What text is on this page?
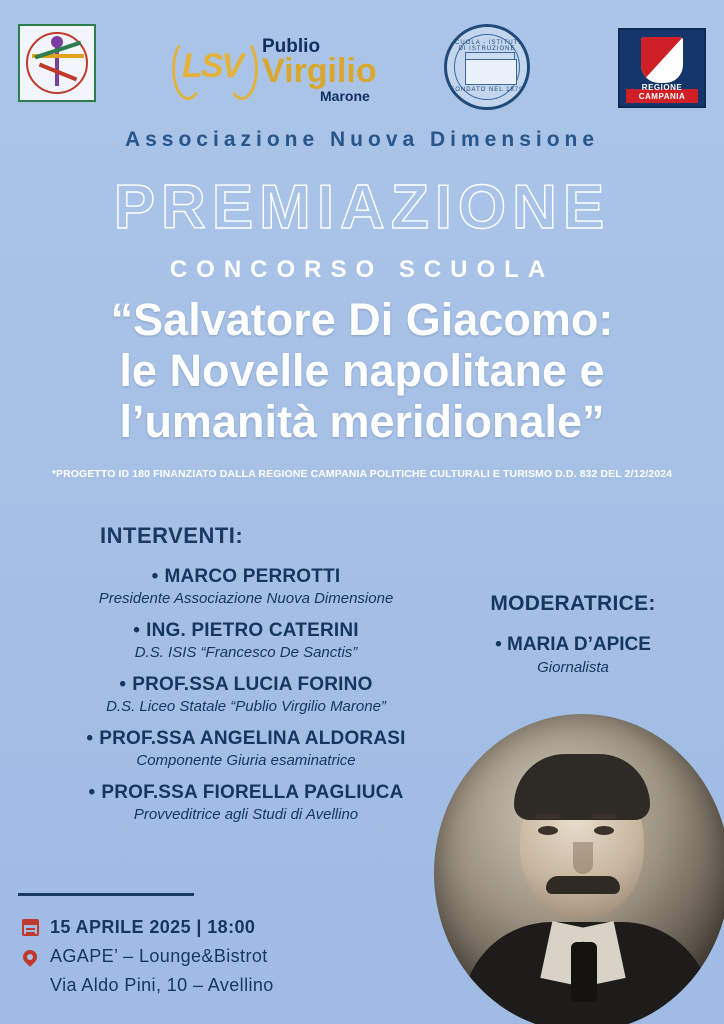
LSV
Publio
Virgilio
Marone
SCUOLA - ISTITUTO DI ISTRUZIONE
FONDATO NEL 1879	REGIONE CAMPANIA
Associazione Nuova Dimensione
PREMIAZIONE
CONCORSO SCUOLA
“Salvatore Di Giacomo:
le Novelle napolitane e
l’umanità meridionale”
*PROGETTO ID 180 FINANZIATO DALLA REGIONE CAMPANIA POLITICHE CULTURALI E TURISMO D.D. 832 DEL 2/12/2024
INTERVENTI:
• MARCO PERROTTI
Presidente Associazione Nuova Dimensione
• ING. PIETRO CATERINI
D.S. ISIS “Francesco De Sanctis”
• PROF.SSA LUCIA FORINO
D.S. Liceo Statale “Publio Virgilio Marone”
• PROF.SSA ANGELINA ALDORASI
Componente Giuria esaminatrice
• PROF.SSA FIORELLA PAGLIUCA
Provveditrice agli Studi di Avellino
MODERATRICE:
• MARIA D’APICE
Giornalista
15 APRILE 2025 | 18:00
AGAPE’ – Lounge&Bistrot
Via Aldo Pini, 10 – Avellino
